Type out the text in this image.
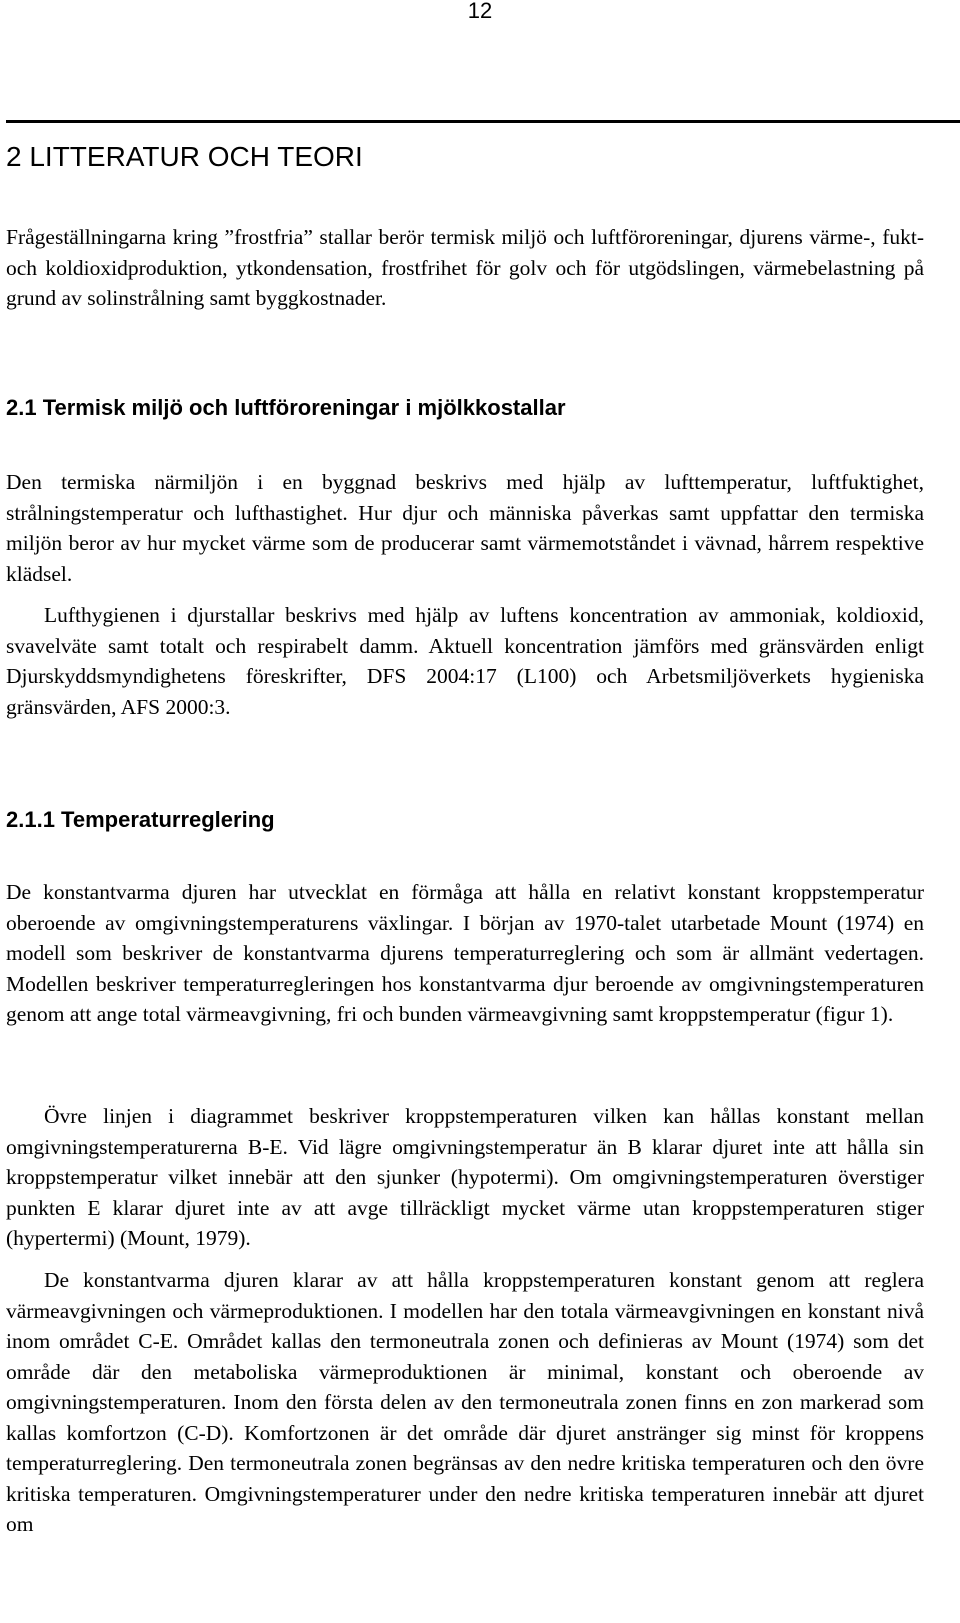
12
2 LITTERATUR OCH TEORI

Frågeställningarna kring ”frostfria” stallar berör termisk miljö och luftföroreningar, djurens värme-, fukt- och koldioxidproduktion, ytkondensation, frostfrihet för golv och för utgödslingen, värmebelastning på grund av solinstrålning samt byggkostnader.

2.1 Termisk miljö och luftföroreningar i mjölkkostallar

Den termiska närmiljön i en byggnad beskrivs med hjälp av lufttemperatur, luftfuktighet, strålningstemperatur och lufthastighet. Hur djur och människa påverkas samt uppfattar den termiska miljön beror av hur mycket värme som de producerar samt värmemotståndet i vävnad, hårrem respektive klädsel.

Lufthygienen i djurstallar beskrivs med hjälp av luftens koncentration av ammoniak, koldioxid, svavelväte samt totalt och respirabelt damm. Aktuell koncentration jämförs med gränsvärden enligt Djurskyddsmyndighetens föreskrifter, DFS 2004:17 (L100) och Arbetsmiljöverkets hygieniska gränsvärden, AFS 2000:3.

2.1.1 Temperaturreglering

De konstantvarma djuren har utvecklat en förmåga att hålla en relativt konstant kroppstemperatur oberoende av omgivningstemperaturens växlingar. I början av 1970-talet utarbetade Mount (1974) en modell som beskriver de konstantvarma djurens temperaturreglering och som är allmänt vedertagen. Modellen beskriver temperaturregleringen hos konstantvarma djur beroende av omgivningstemperaturen genom att ange total värmeavgivning, fri och bunden värmeavgivning samt kroppstemperatur (figur 1).

Övre linjen i diagrammet beskriver kroppstemperaturen vilken kan hållas konstant mellan omgivningstemperaturerna B-E. Vid lägre omgivningstemperatur än B klarar djuret inte att hålla sin kroppstemperatur vilket innebär att den sjunker (hypotermi). Om omgivningstemperaturen överstiger punkten E klarar djuret inte av att avge tillräckligt mycket värme utan kroppstemperaturen stiger (hypertermi) (Mount, 1979).

De konstantvarma djuren klarar av att hålla kroppstemperaturen konstant genom att reglera värmeavgivningen och värmeproduktionen. I modellen har den totala värmeavgivningen en konstant nivå inom området C-E. Området kallas den termoneutrala zonen och definieras av Mount (1974) som det område där den metaboliska värmeproduktionen är minimal, konstant och oberoende av omgivningstemperaturen. Inom den första delen av den termoneutrala zonen finns en zon markerad som kallas komfortzon (C-D). Komfortzonen är det område där djuret anstränger sig minst för kroppens temperaturreglering. Den termoneutrala zonen begränsas av den nedre kritiska temperaturen och den övre kritiska temperaturen. Omgivningstemperaturer under den nedre kritiska temperaturen innebär att djuret om
